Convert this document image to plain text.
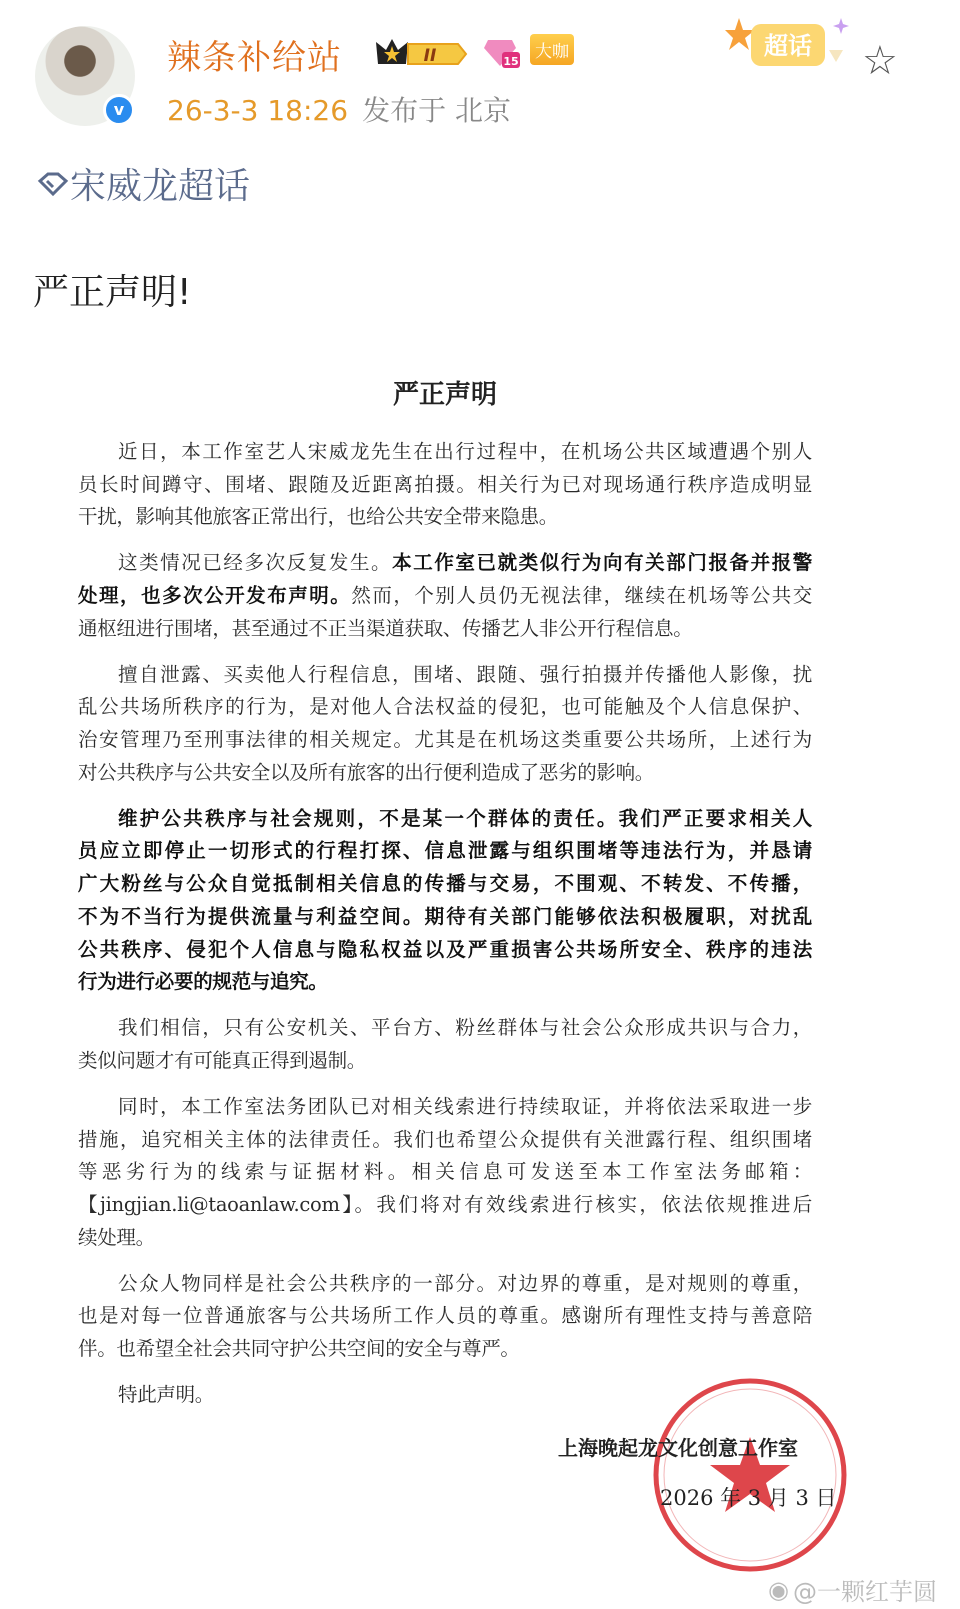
v
辣条补给站	II	15 大咖
26-3-3 18:26 发布于 北京
超话 ☆
宋威龙超话
严正声明!
严正声明
近日，本工作室艺人宋威龙先生在出行过程中，在机场公共区域遭遇个别人
员长时间蹲守、围堵、跟随及近距离拍摄。相关行为已对现场通行秩序造成明显
干扰，影响其他旅客正常出行，也给公共安全带来隐患。
这类情况已经多次反复发生。本工作室已就类似行为向有关部门报备并报警
处理，也多次公开发布声明。然而，个别人员仍无视法律，继续在机场等公共交
通枢纽进行围堵，甚至通过不正当渠道获取、传播艺人非公开行程信息。
擅自泄露、买卖他人行程信息，围堵、跟随、强行拍摄并传播他人影像，扰
乱公共场所秩序的行为，是对他人合法权益的侵犯，也可能触及个人信息保护、
治安管理乃至刑事法律的相关规定。尤其是在机场这类重要公共场所，上述行为
对公共秩序与公共安全以及所有旅客的出行便利造成了恶劣的影响。
维护公共秩序与社会规则，不是某一个群体的责任。我们严正要求相关人
员应立即停止一切形式的行程打探、信息泄露与组织围堵等违法行为，并恳请
广大粉丝与公众自觉抵制相关信息的传播与交易，不围观、不转发、不传播，
不为不当行为提供流量与利益空间。期待有关部门能够依法积极履职，对扰乱
公共秩序、侵犯个人信息与隐私权益以及严重损害公共场所安全、秩序的违法
行为进行必要的规范与追究。
我们相信，只有公安机关、平台方、粉丝群体与社会公众形成共识与合力，
类似问题才有可能真正得到遏制。
同时，本工作室法务团队已对相关线索进行持续取证，并将依法采取进一步
措施，追究相关主体的法律责任。我们也希望公众提供有关泄露行程、组织围堵
等恶劣行为的线索与证据材料。相关信息可发送至本工作室法务邮箱：
【jingjian.li@taoanlaw.com】。我们将对有效线索进行核实，依法依规推进后
续处理。
公众人物同样是社会公共秩序的一部分。对边界的尊重，是对规则的尊重，
也是对每一位普通旅客与公共场所工作人员的尊重。感谢所有理性支持与善意陪
伴。也希望全社会共同守护公共空间的安全与尊严。
特此声明。
上海晚起龙文化创意工作室
2026 年 3 月 3 日
◉ @一颗红芋圆
